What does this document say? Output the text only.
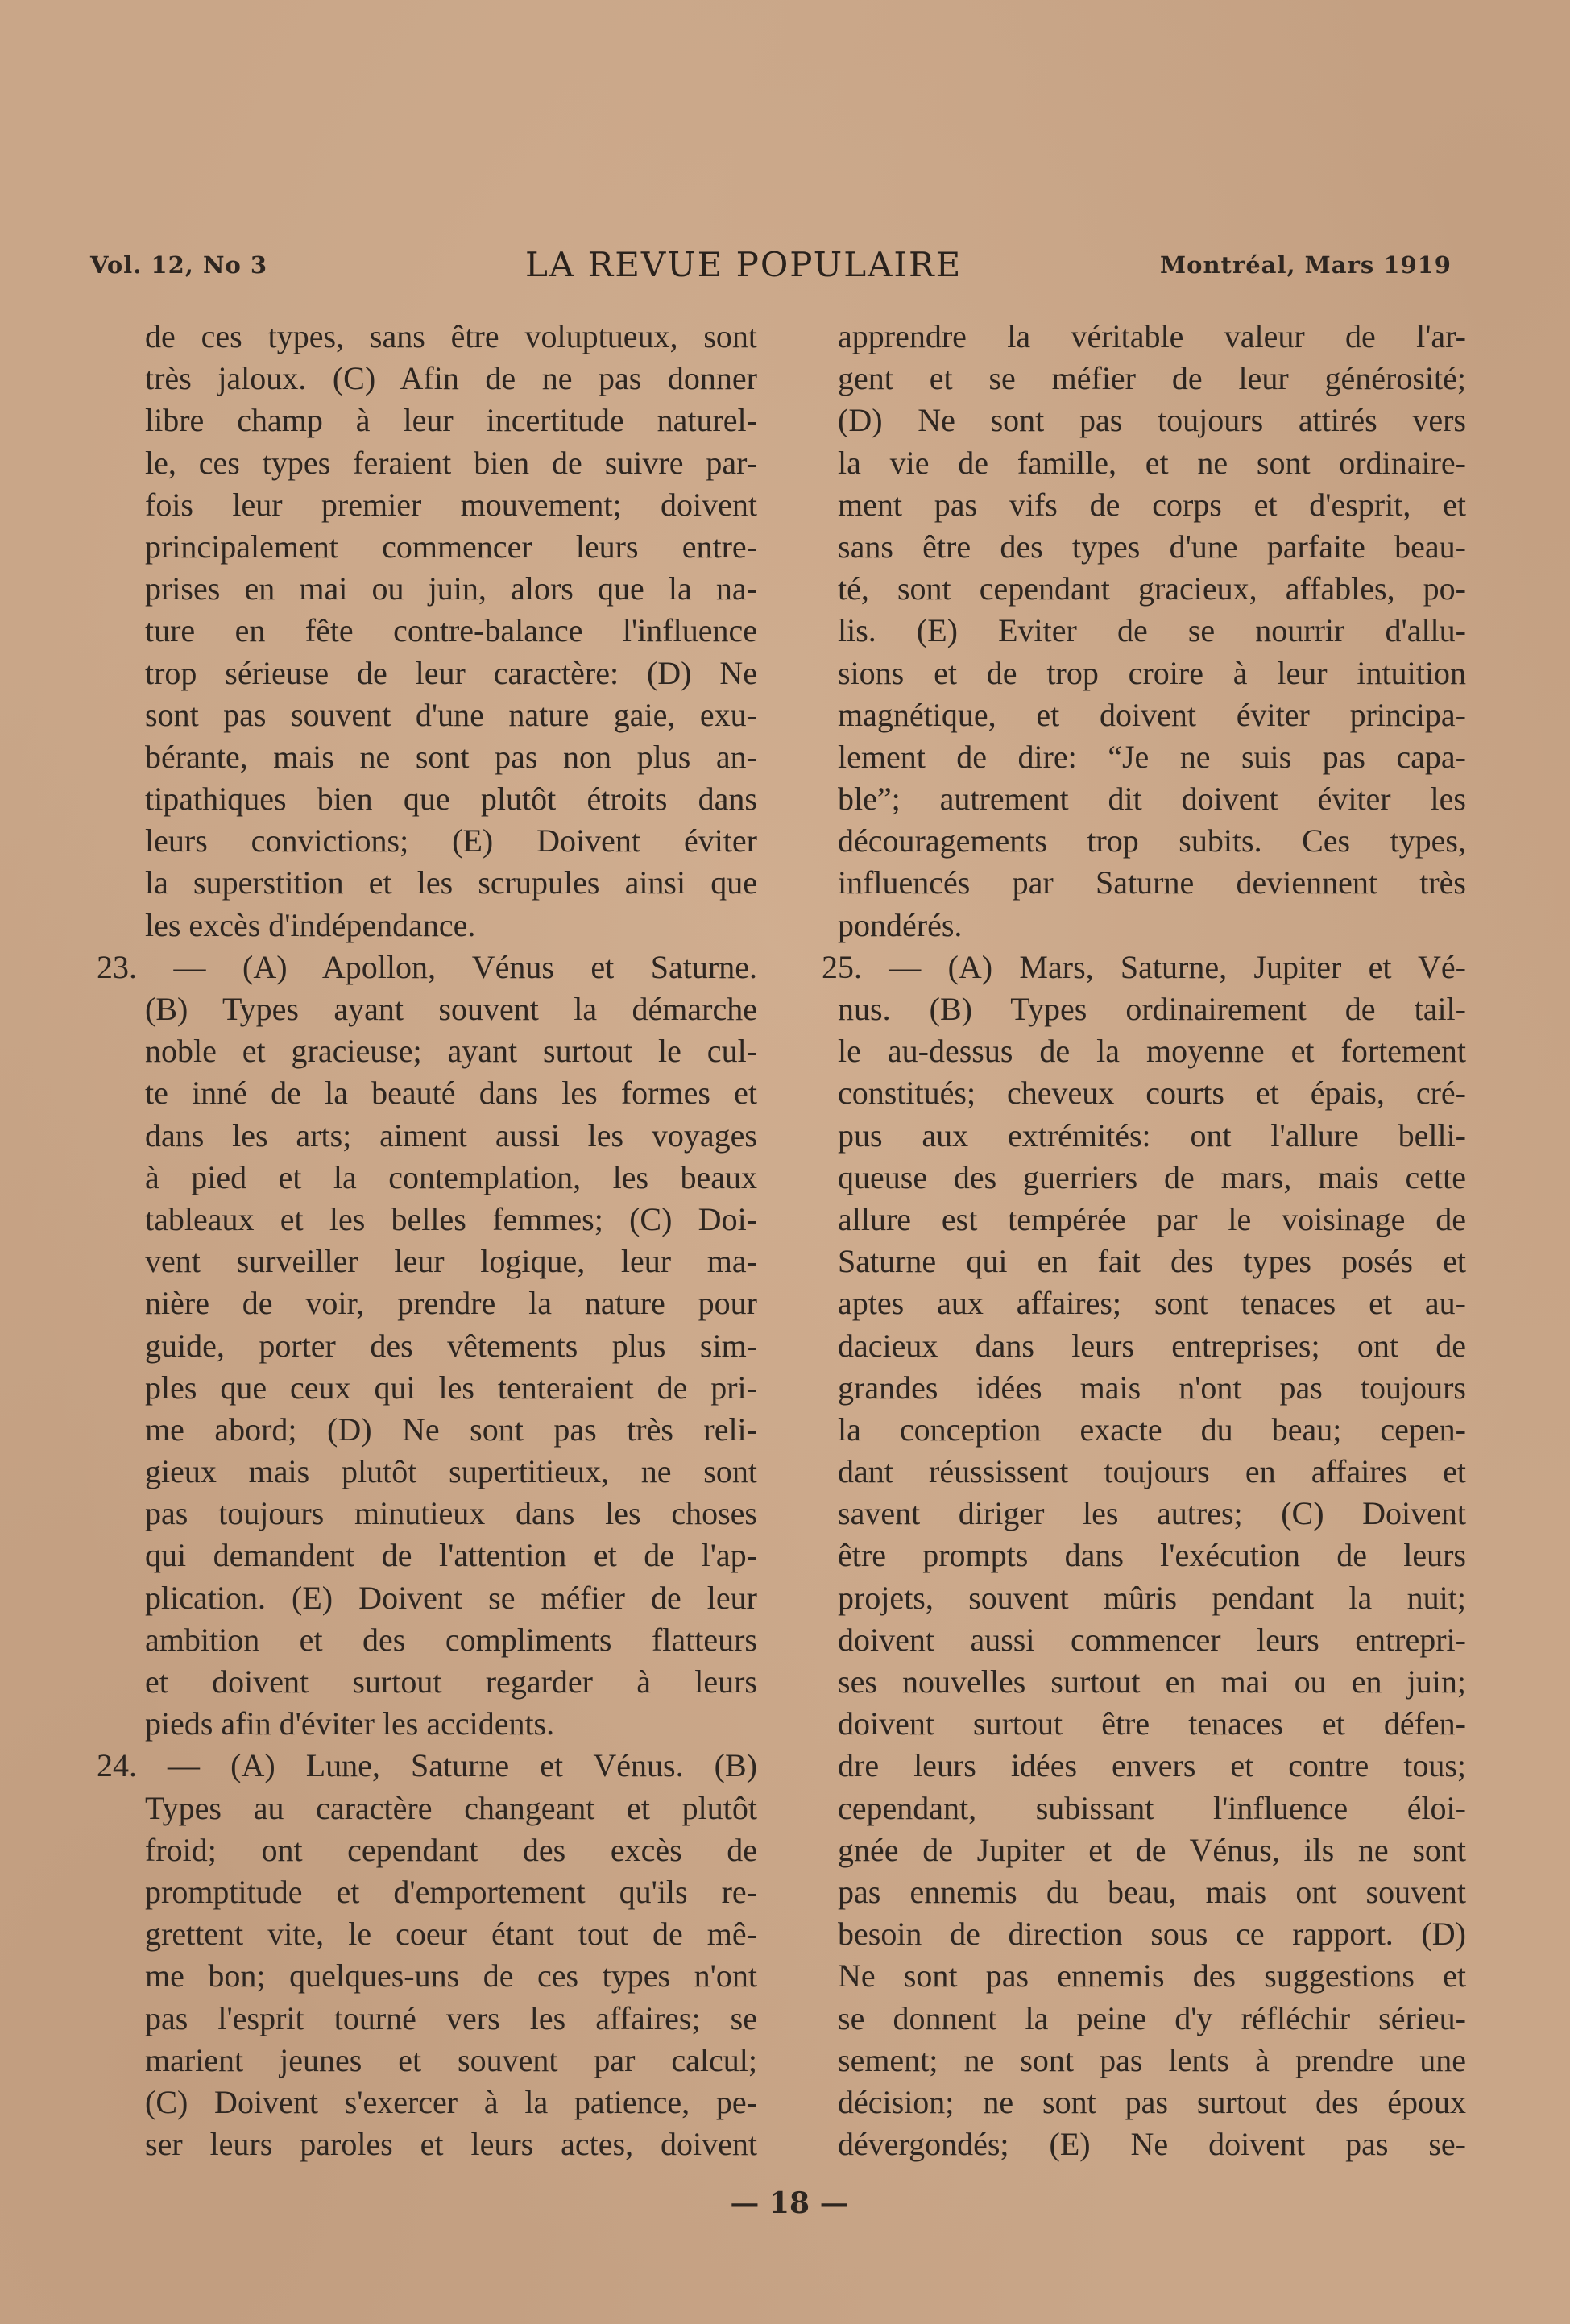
Vol. 12, No 3	LA REVUE POPULAIRE	Montréal, Mars 1919
de ces types, sans être voluptueux, sont
très jaloux. (C) Afin de ne pas donner
libre champ à leur incertitude naturel-
le, ces types feraient bien de suivre par-
fois leur premier mouvement; doivent
principalement commencer leurs entre-
prises en mai ou juin, alors que la na-
ture en fête contre-balance l'influence
trop sérieuse de leur caractère: (D) Ne
sont pas souvent d'une nature gaie, exu-
bérante, mais ne sont pas non plus an-
tipathiques bien que plutôt étroits dans
leurs convictions; (E) Doivent éviter
la superstition et les scrupules ainsi que
les excès d'indépendance.
23. — (A) Apollon, Vénus et Saturne.
(B) Types ayant souvent la démarche
noble et gracieuse; ayant surtout le cul-
te inné de la beauté dans les formes et
dans les arts; aiment aussi les voyages
à pied et la contemplation, les beaux
tableaux et les belles femmes; (C) Doi-
vent surveiller leur logique, leur ma-
nière de voir, prendre la nature pour
guide, porter des vêtements plus sim-
ples que ceux qui les tenteraient de pri-
me abord; (D) Ne sont pas très reli-
gieux mais plutôt supertitieux, ne sont
pas toujours minutieux dans les choses
qui demandent de l'attention et de l'ap-
plication. (E) Doivent se méfier de leur
ambition et des compliments flatteurs
et doivent surtout regarder à leurs
pieds afin d'éviter les accidents.
24. — (A) Lune, Saturne et Vénus. (B)
Types au caractère changeant et plutôt
froid; ont cependant des excès de
promptitude et d'emportement qu'ils re-
grettent vite, le coeur étant tout de mê-
me bon; quelques-uns de ces types n'ont
pas l'esprit tourné vers les affaires; se
marient jeunes et souvent par calcul;
(C) Doivent s'exercer à la patience, pe-
ser leurs paroles et leurs actes, doivent
apprendre la véritable valeur de l'ar-
gent et se méfier de leur générosité;
(D) Ne sont pas toujours attirés vers
la vie de famille, et ne sont ordinaire-
ment pas vifs de corps et d'esprit, et
sans être des types d'une parfaite beau-
té, sont cependant gracieux, affables, po-
lis. (E) Eviter de se nourrir d'allu-
sions et de trop croire à leur intuition
magnétique, et doivent éviter principa-
lement de dire: “Je ne suis pas capa-
ble”; autrement dit doivent éviter les
découragements trop subits. Ces types,
influencés par Saturne deviennent très
pondérés.
25. — (A) Mars, Saturne, Jupiter et Vé-
nus. (B) Types ordinairement de tail-
le au-dessus de la moyenne et fortement
constitués; cheveux courts et épais, cré-
pus aux extrémités: ont l'allure belli-
queuse des guerriers de mars, mais cette
allure est tempérée par le voisinage de
Saturne qui en fait des types posés et
aptes aux affaires; sont tenaces et au-
dacieux dans leurs entreprises; ont de
grandes idées mais n'ont pas toujours
la conception exacte du beau; cepen-
dant réussissent toujours en affaires et
savent diriger les autres; (C) Doivent
être prompts dans l'exécution de leurs
projets, souvent mûris pendant la nuit;
doivent aussi commencer leurs entrepri-
ses nouvelles surtout en mai ou en juin;
doivent surtout être tenaces et défen-
dre leurs idées envers et contre tous;
cependant, subissant l'influence éloi-
gnée de Jupiter et de Vénus, ils ne sont
pas ennemis du beau, mais ont souvent
besoin de direction sous ce rapport. (D)
Ne sont pas ennemis des suggestions et
se donnent la peine d'y réfléchir sérieu-
sement; ne sont pas lents à prendre une
décision; ne sont pas surtout des époux
dévergondés; (E) Ne doivent pas se-
— 18 —
